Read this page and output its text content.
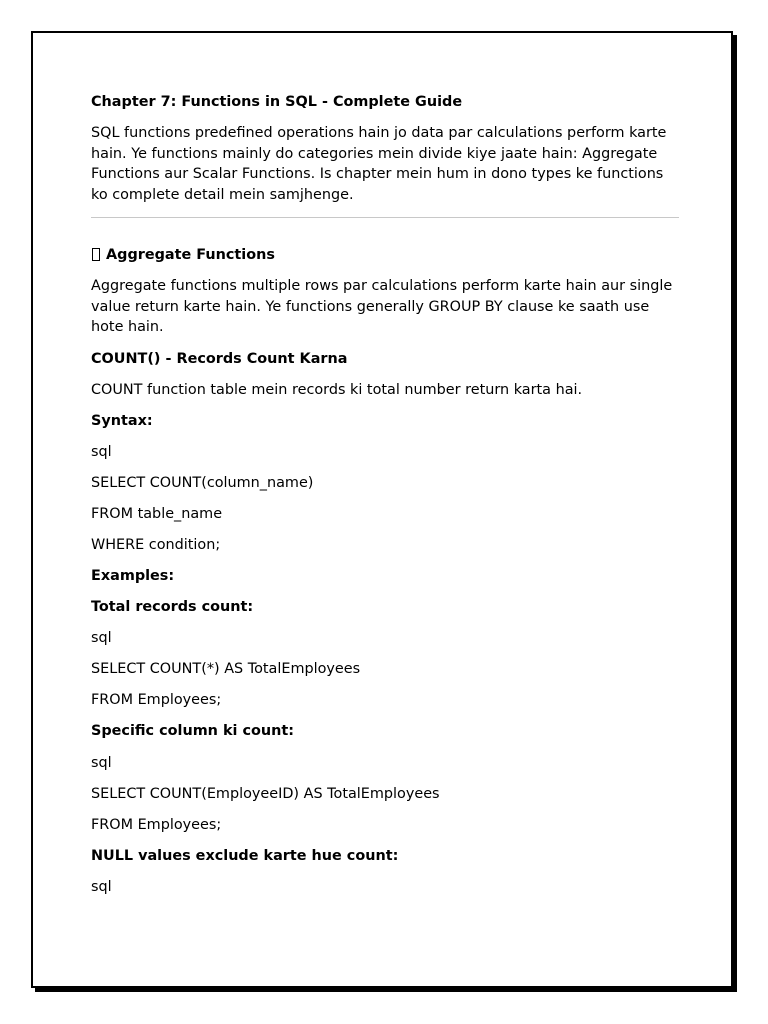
Chapter 7: Functions in SQL - Complete Guide

SQL functions predefined operations hain jo data par calculations perform karte hain. Ye functions mainly do categories mein divide kiye jaate hain: Aggregate Functions aur Scalar Functions. Is chapter mein hum in dono types ke functions ko complete detail mein samjhenge.

Aggregate Functions

Aggregate functions multiple rows par calculations perform karte hain aur single value return karte hain. Ye functions generally GROUP BY clause ke saath use hote hain.

COUNT() - Records Count Karna
COUNT function table mein records ki total number return karta hai.
Syntax:
sql
SELECT COUNT(column_name)
FROM table_name
WHERE condition;
Examples:
Total records count:
sql
SELECT COUNT(*) AS TotalEmployees
FROM Employees;
Specific column ki count:
sql
SELECT COUNT(EmployeeID) AS TotalEmployees
FROM Employees;
NULL values exclude karte hue count:
sql
